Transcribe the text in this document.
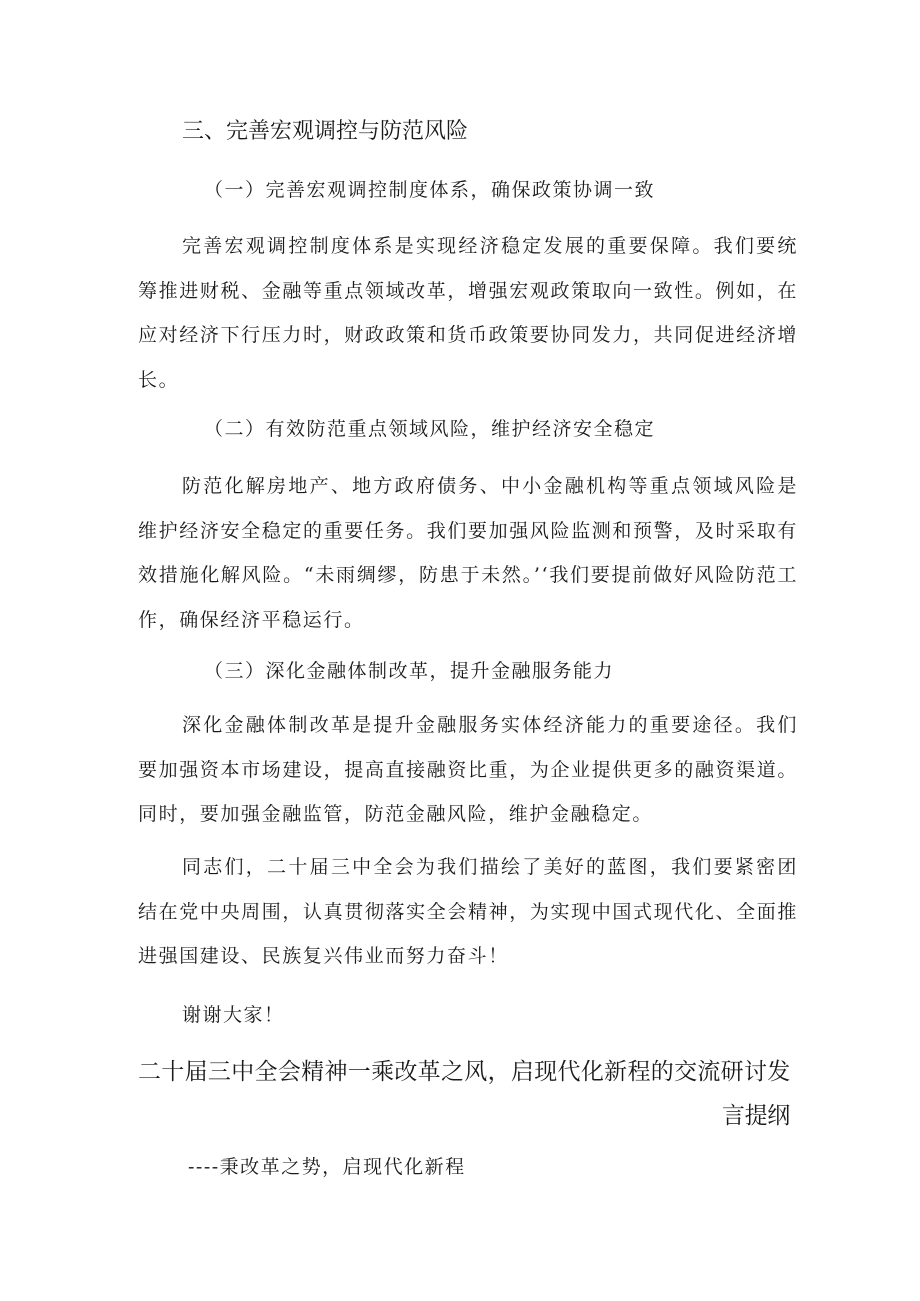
三、完善宏观调控与防范风险
（一）完善宏观调控制度体系，确保政策协调一致

完善宏观调控制度体系是实现经济稳定发展的重要保障。我们要统筹推进财税、金融等重点领域改革，增强宏观政策取向一致性。例如，在应对经济下行压力时，财政政策和货币政策要协同发力，共同促进经济增长。

（二）有效防范重点领域风险，维护经济安全稳定

防范化解房地产、地方政府债务、中小金融机构等重点领域风险是维护经济安全稳定的重要任务。我们要加强风险监测和预警，及时采取有效措施化解风险。“未雨绸缪，防患于未然。’‘我们要提前做好风险防范工作，确保经济平稳运行。

（三）深化金融体制改革，提升金融服务能力

深化金融体制改革是提升金融服务实体经济能力的重要途径。我们要加强资本市场建设，提高直接融资比重，为企业提供更多的融资渠道。同时，要加强金融监管，防范金融风险，维护金融稳定。

同志们，二十届三中全会为我们描绘了美好的蓝图，我们要紧密团结在党中央周围，认真贯彻落实全会精神，为实现中国式现代化、全面推进强国建设、民族复兴伟业而努力奋斗！

谢谢大家！

二十届三中全会精神一乘改革之风，启现代化新程的交流研讨发言提纲

----秉改革之势，启现代化新程
